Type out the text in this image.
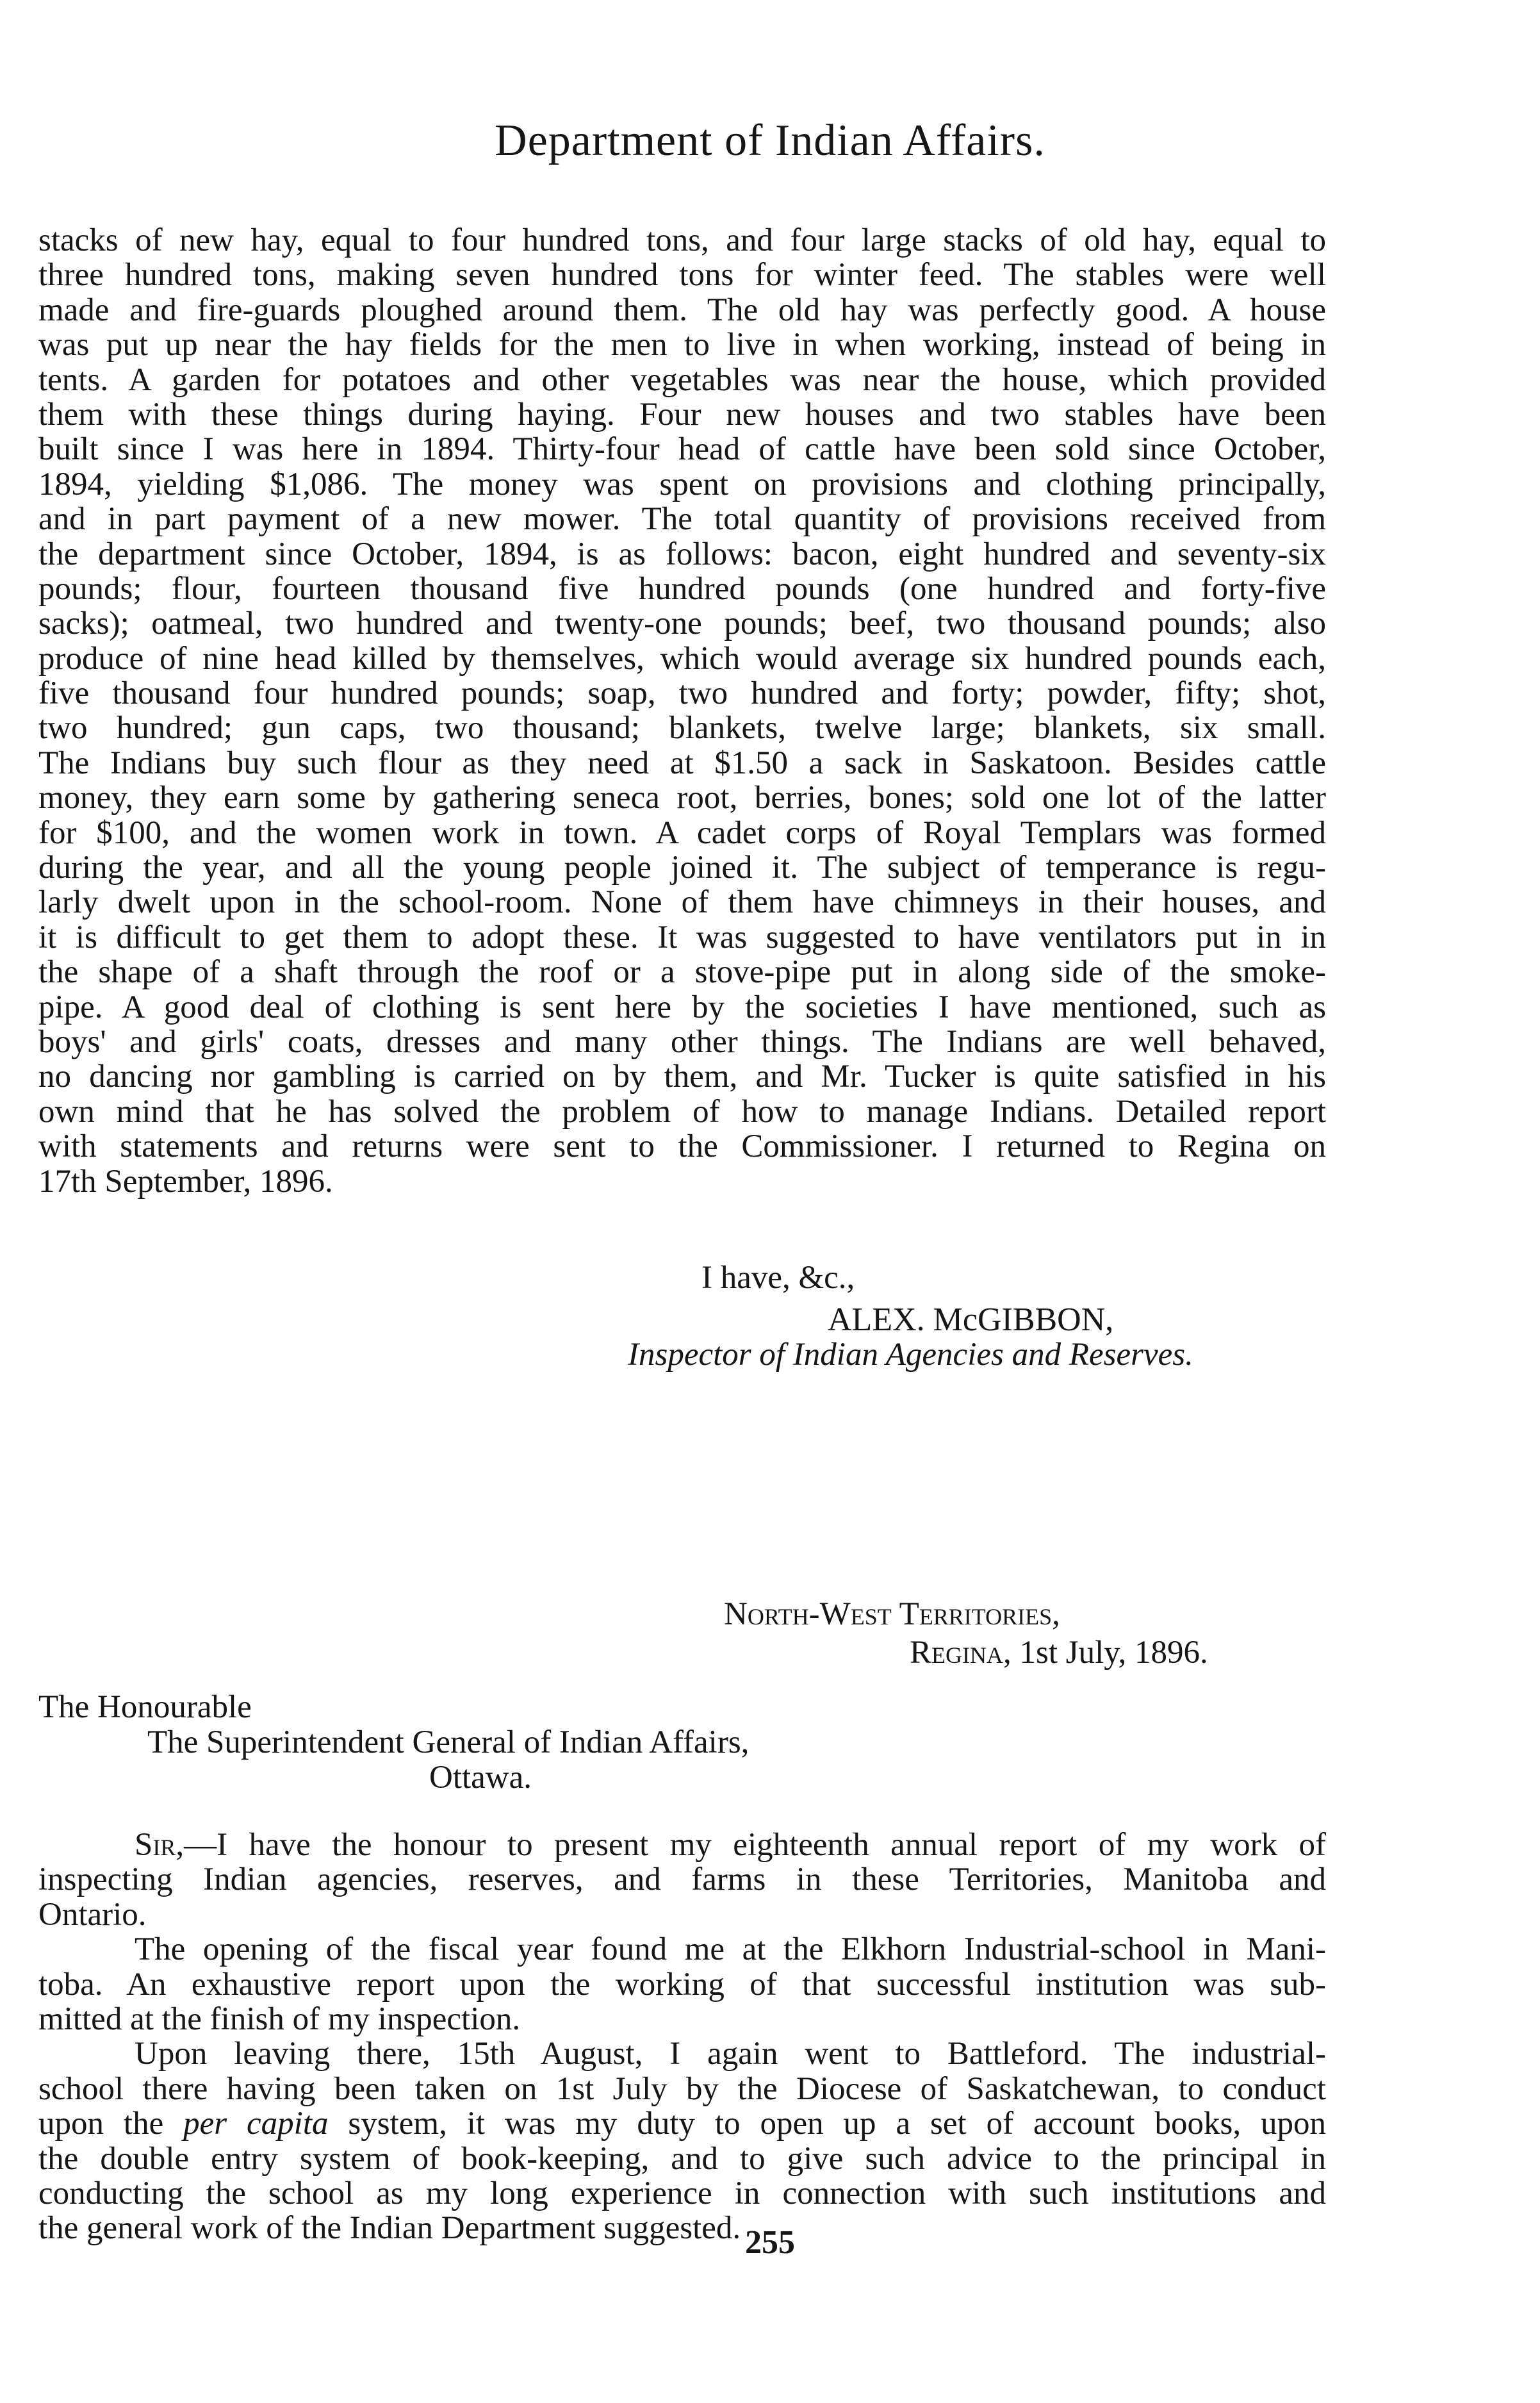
Department of Indian Affairs.
stacks of new hay, equal to four hundred tons, and four large stacks of old hay, equal to
three hundred tons, making seven hundred tons for winter feed. The stables were well
made and fire-guards ploughed around them. The old hay was perfectly good. A house
was put up near the hay fields for the men to live in when working, instead of being in
tents. A garden for potatoes and other vegetables was near the house, which provided
them with these things during haying. Four new houses and two stables have been
built since I was here in 1894. Thirty-four head of cattle have been sold since October,
1894, yielding $1,086. The money was spent on provisions and clothing principally,
and in part payment of a new mower. The total quantity of provisions received from
the department since October, 1894, is as follows: bacon, eight hundred and seventy-six
pounds; flour, fourteen thousand five hundred pounds (one hundred and forty-five
sacks); oatmeal, two hundred and twenty-one pounds; beef, two thousand pounds; also
produce of nine head killed by themselves, which would average six hundred pounds each,
five thousand four hundred pounds; soap, two hundred and forty; powder, fifty; shot,
two hundred; gun caps, two thousand; blankets, twelve large; blankets, six small.
The Indians buy such flour as they need at $1.50 a sack in Saskatoon. Besides cattle
money, they earn some by gathering seneca root, berries, bones; sold one lot of the latter
for $100, and the women work in town. A cadet corps of Royal Templars was formed
during the year, and all the young people joined it. The subject of temperance is regu-
larly dwelt upon in the school-room. None of them have chimneys in their houses, and
it is difficult to get them to adopt these. It was suggested to have ventilators put in in
the shape of a shaft through the roof or a stove-pipe put in along side of the smoke-
pipe. A good deal of clothing is sent here by the societies I have mentioned, such as
boys' and girls' coats, dresses and many other things. The Indians are well behaved,
no dancing nor gambling is carried on by them, and Mr. Tucker is quite satisfied in his
own mind that he has solved the problem of how to manage Indians. Detailed report
with statements and returns were sent to the Commissioner. I returned to Regina on
17th September, 1896.
I have, &c.,
ALEX. McGIBBON,
Inspector of Indian Agencies and Reserves.
North-West Territories,
Regina, 1st July, 1896.
The Honourable
The Superintendent General of Indian Affairs,
Ottawa.
Sir,—I have the honour to present my eighteenth annual report of my work of
inspecting Indian agencies, reserves, and farms in these Territories, Manitoba and
Ontario.
The opening of the fiscal year found me at the Elkhorn Industrial-school in Mani-
toba. An exhaustive report upon the working of that successful institution was sub-
mitted at the finish of my inspection.
Upon leaving there, 15th August, I again went to Battleford. The industrial-
school there having been taken on 1st July by the Diocese of Saskatchewan, to conduct
upon the per capita system, it was my duty to open up a set of account books, upon
the double entry system of book-keeping, and to give such advice to the principal in
conducting the school as my long experience in connection with such institutions and
the general work of the Indian Department suggested. 255
